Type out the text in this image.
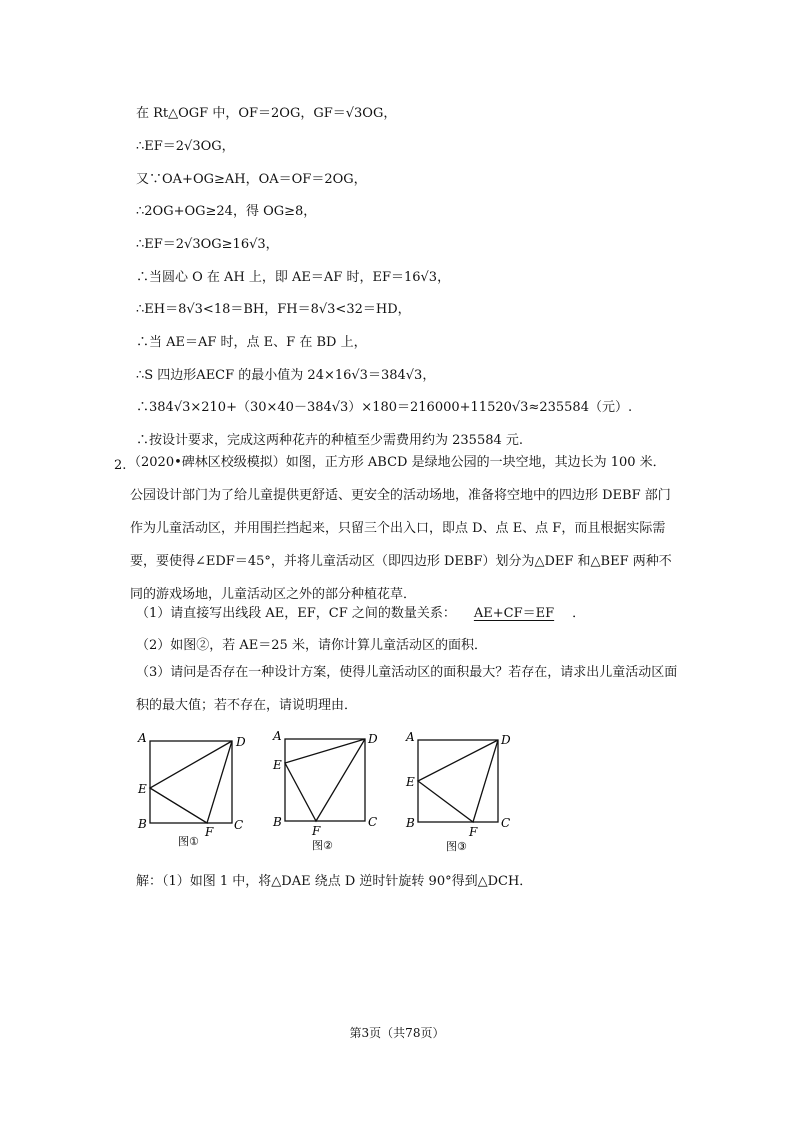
在 Rt△OGF 中，OF＝2OG，GF＝√3OG，
∴EF＝2√3OG，
又∵OA+OG≥AH，OA＝OF＝2OG，
∴2OG+OG≥24，得 OG≥8，
∴EF＝2√3OG≥16√3，
∴当圆心 O 在 AH 上，即 AE＝AF 时，EF＝16√3，
∴EH＝8√3<18＝BH，FH＝8√3<32＝HD，
∴当 AE＝AF 时，点 E、F 在 BD 上，
∴S 四边形AECF 的最小值为 24×16√3＝384√3，
∴384√3×210+（30×40－384√3）×180＝216000+11520√3≈235584（元）.
∴按设计要求，完成这两种花卉的种植至少需费用约为 235584 元.
2. （2020•碑林区校级模拟）如图，正方形 ABCD 是绿地公园的一块空地，其边长为 100 米．公园设计部门为了给儿童提供更舒适、更安全的活动场地，准备将空地中的四边形 DEBF 部门作为儿童活动区，并用围拦挡起来，只留三个出入口，即点 D、点 E、点 F，而且根据实际需要，要使得∠EDF＝45°，并将儿童活动区（即四边形 DEBF）划分为△DEF 和△BEF 两种不同的游戏场地，儿童活动区之外的部分种植花草．
（1）请直接写出线段 AE，EF，CF 之间的数量关系： AE+CF＝EF ．
（2）如图②，若 AE＝25 米，请你计算儿童活动区的面积．
（3）请问是否存在一种设计方案，使得儿童活动区的面积最大？若存在，请求出儿童活动区面积的最大值；若不存在，请说明理由．
A	D
E
B
F C
图①
A	D
E
B
F
C
图②
A	D
E
B
F
C
图③
解：（1）如图 1 中，将△DAE 绕点 D 逆时针旋转 90°得到△DCH．
第3页（共78页）
